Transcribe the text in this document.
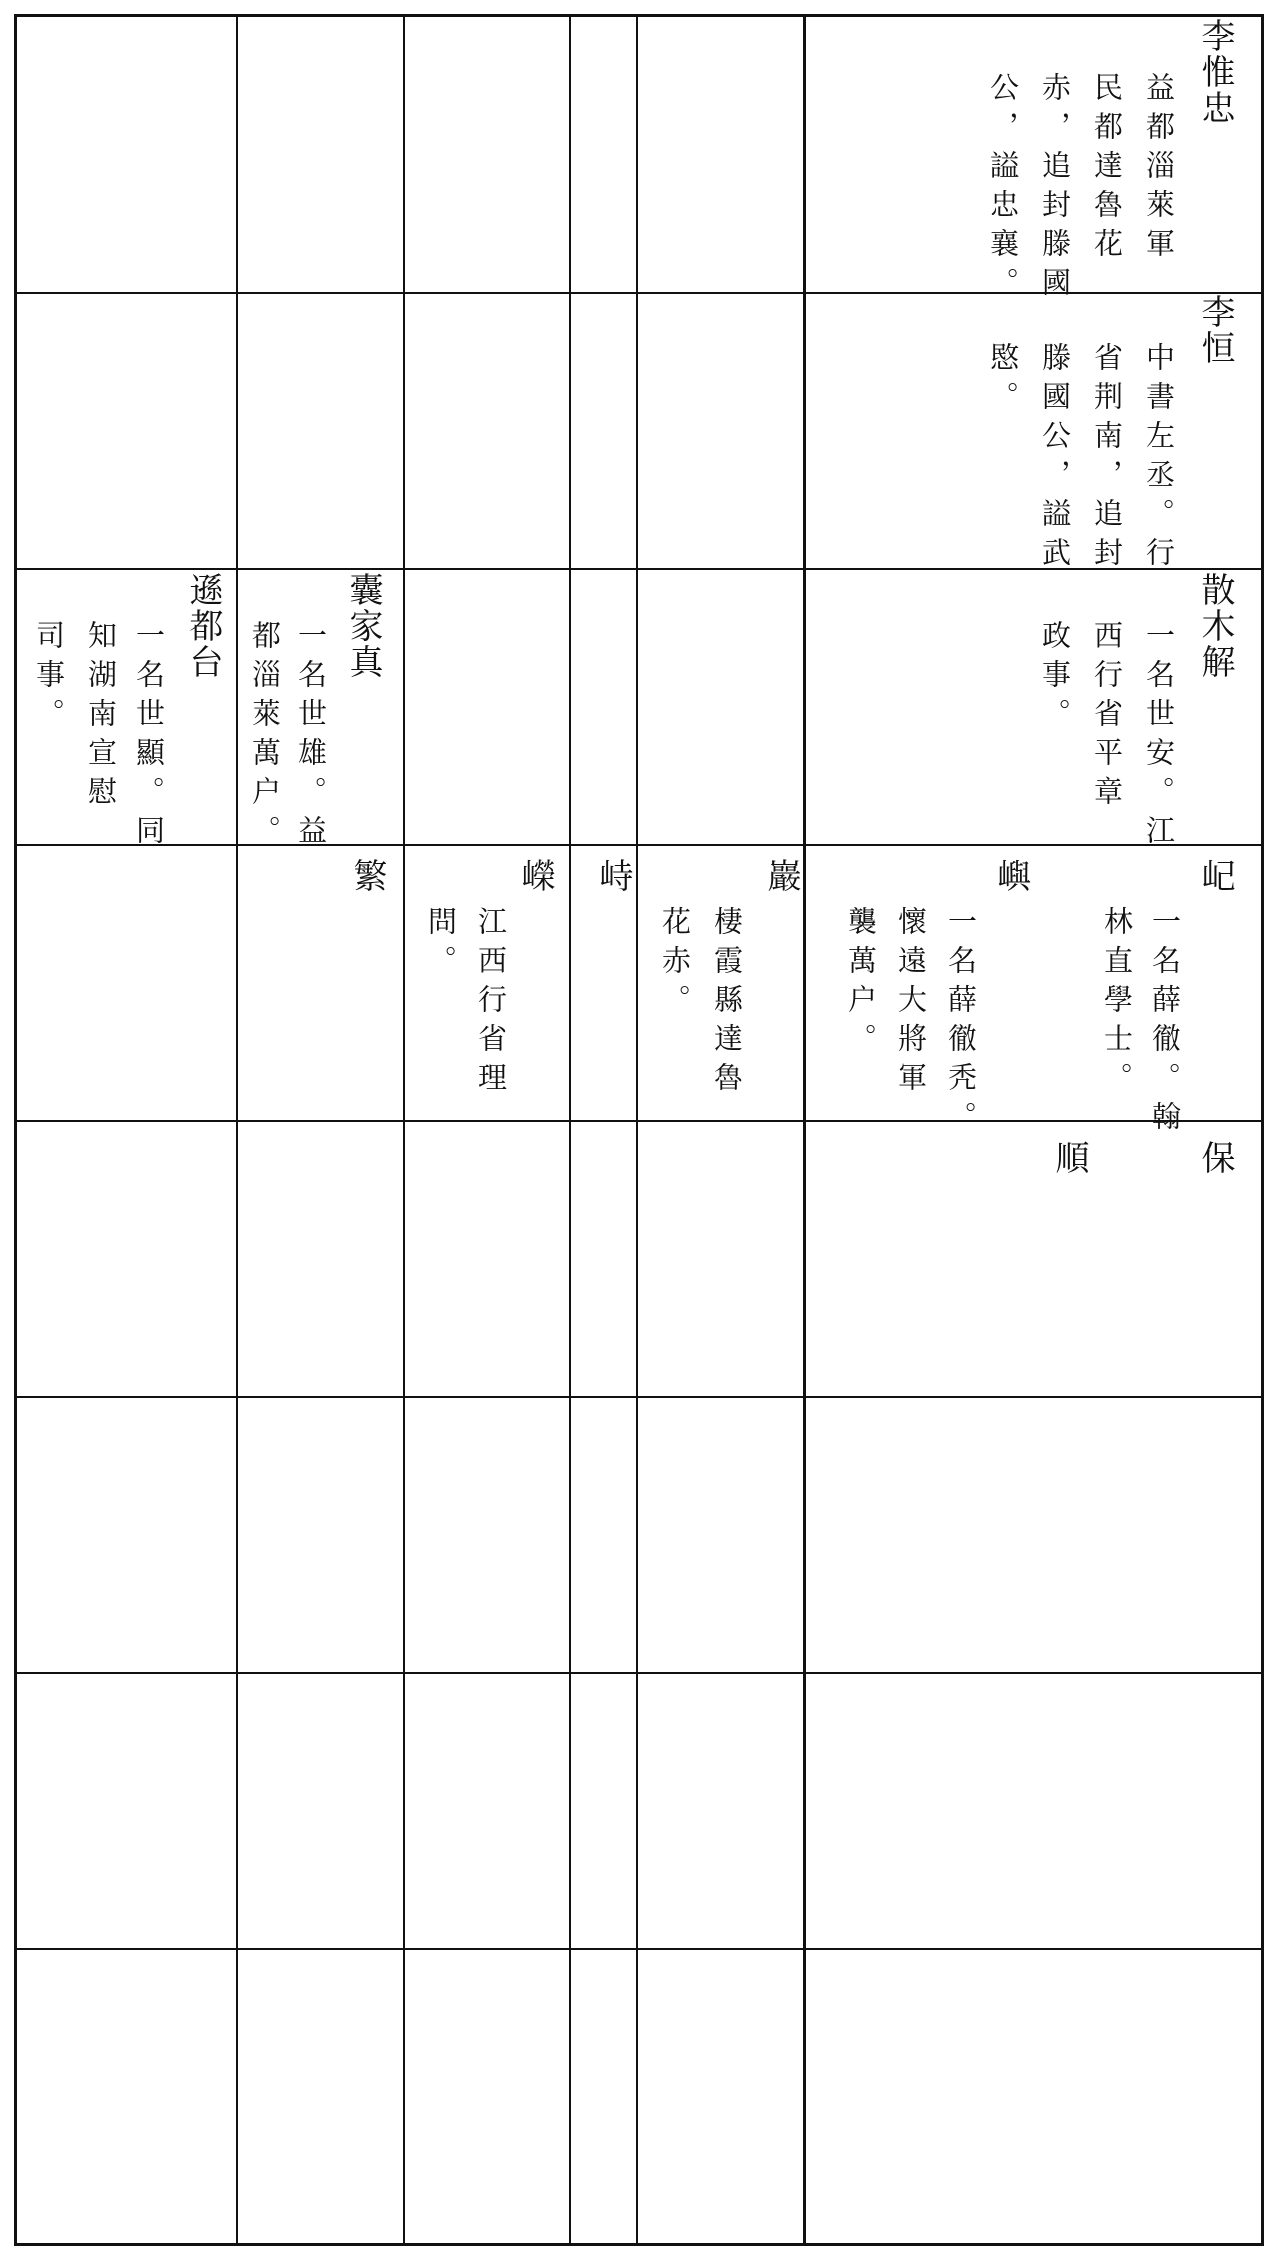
李惟忠
益都淄萊軍
民都達魯花
赤，追封滕國
公，謚忠襄。
李恒
中書左丞。行
省荆南，追封
滕國公，謚武
愍。
散木解
一名世安。江
西行省平章
政事。
囊家真
一名世雄。益
都淄萊萬户。
遜都台
一名世顯。同
知湖南宣慰
司事。
屺
一名薛徹。翰
林直學士。
嶼
一名薛徹秃。
懷遠大將軍
襲萬户。
巖
棲霞縣達魯
花赤。
峙
嶸
江西行省理
問。
繁
保
順
